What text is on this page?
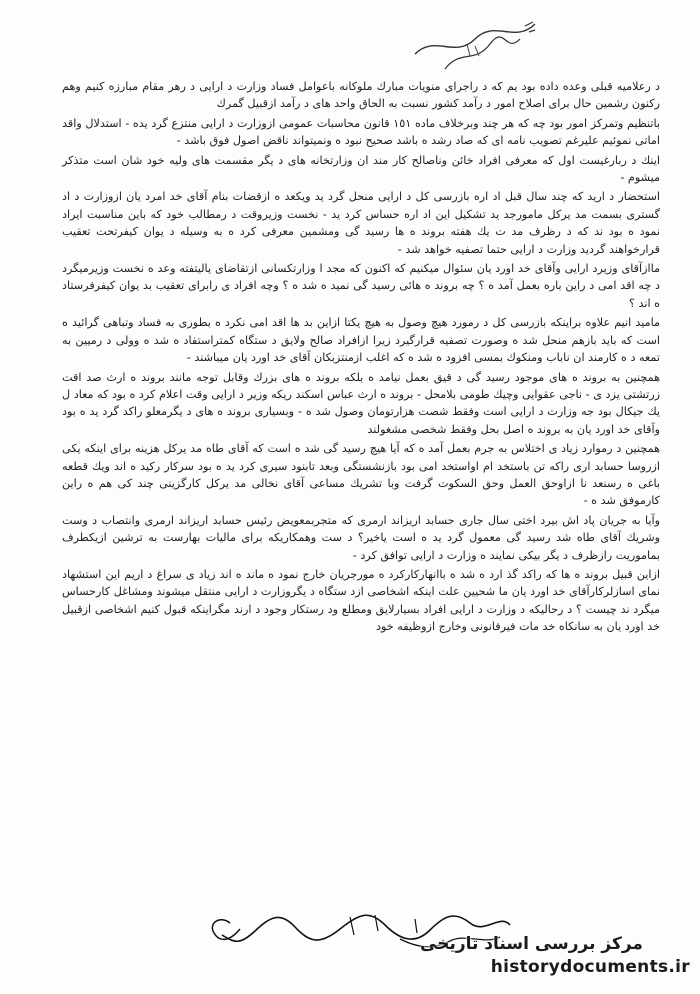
د رﻋﻼﻣﻴﻪ ﻗﺒﻠﻰ وعده داده ﺑﻮد ﻳﻢ ﻛﻪ د راﺟﺮاى ﻣﻨﻮﻳﺎت ﻣﺒﺎرك ﻣﻠﻮﻛﺎﻧﻪ ﺑﺎﻋﻮاﻣﻞ ﻓﺴﺎد وزارت د اراﻳﻰ د رﻫﺮ ﻣﻘﺎم ﻣﺒﺎرزه ﻛﻨﻴﻢ وﻫﻢ رﻛﻨﻮن رﺷﻤﻴﻦ ﺣﺎل ﺑﺮاى اﺻﻼح اﻣﻮر د رآﻣﺪ ﻛﺸﻮر ﻧﺴﺒﺖ ﺑﻪ اﻟﺤﺎق واﺣﺪ ﻫﺎى د رآﻣﺪ ازﻗﺒﻴﻞ ﮔﻤﺮك

ﺑﺎﺗﻨﻈﻴﻢ وﺗﻤﺮﻛﺰ اﻣﻮر ﺑﻮد ﭼﻪ ﻛﻪ ﻫﺮ ﭼﻨﺪ وﺑﺮﺧﻼف ﻣﺎده ١٥١ ﻗﺎﻧﻮن ﻣﺤﺎﺳﺒﺎت ﻋﻤﻮﻣﻰ ازوزارت د اراﻳﻰ ﻣﻨﺘﺰع ﮔﺮد ﻳﺪه - اﺳﺘﺪﻻل واﻗﺪ اﻣﺎﺗﻰ ﻧﻤﻮﺋﻴﻢ ﻋﻠﻴﺮﻏﻢ ﺗﺼﻮﻳﺐ ﻧﺎﻣﻪ اى ﻛﻪ ﺻﺎد رﺷﺪ ه ﺑﺎﺷﺪ ﺻﺤﻴﺢ ﻧﺒﻮد ه وﻧﻤﻴﺘﻮاﻧﺪ ﻧﺎﻗﺾ اﺻﻮل ﻓﻮق ﺑﺎﺷﺪ -

اﻳﻨﻚ د رﺑﺎرﻏﻴﺴﺖ اوﻝ ﻛﻪ ﻣﻌﺮﻓﻰ اﻓﺮاد ﺧﺎﺋﻦ وﻧﺎﺻﺎﻟﺢ ﻛﺎر ﻣﻨﺪ ان وزارﺗﺨﺎﻧﻪ ﻫﺎى د ﻳﮕﺮ ﻣﻘﺴﻤﺖ ﻫﺎى وﻟﻴﻪ ﺧﻮد ﺷﺎن اﺳﺖ ﻣﺘﺬﻛﺮ ﻣﻴﺸﻮم -

اﺳﺘﺤﻀﺎر د ارﻳﺪ ﻛﻪ ﭼﻨﺪ ﺳﺎل ﻗﺒﻞ اد اره ﺑﺎزرﺳﻰ ﻛﻞ د اراﻳﻰ ﻣﻨﺤﻞ ﮔﺮد ﻳﺪ وﻳﻜﻌﺪ ه ازﻗﻀﺎت ﺑﻨﺎم آﻗﺎى ﺧﺪ اﻣﺮد ﻳﺎن ازوزارت د اد ﮔﺴﺘﺮى ﺑﺴﻤﺖ ﻣﺪ ﻳﺮﻛﻞ ﻣﺎﻣﻮرﺟﺪ ﻳﺪ ﺗﺸﻜﻴﻞ اﻳﻦ اد اره ﺣﺴﺎس ﻛﺮد ﻳﺪ - ﻧﺨﺴﺖ وزﻳﺮوﻗﺖ د رﻣﻄﺎﻟﺐ ﺧﻮد ﻛﻪ ﺑﺎﻳﻦ ﻣﻨﺎﺳﺒﺖ اﻳﺮاد ﻧﻤﻮد ه ﺑﻮد ﻧﺪ ﻛﻪ د رﻇﺮف ﻣﺪ ت ﻳﻚ ﻫﻔﺘﻪ ﺑﺮوﻧﺪ ه ﻫﺎ رﺳﻴﺪ ﮔﻰ وﻣﺸﻤﻴﻦ ﻣﻌﺮﻓﻰ ﻛﺮد ه ﺑﻪ وﺳﻴﻠﻪ د ﻳﻮان ﻛﻴﻔﺮﺗﺤﺖ ﺗﻌﻘﻴﺐ ﻗﺮارﺧﻮاﻫﻨﺪ ﮔﺮدﻳﺪ وزارت د اراﻳﻰ ﺣﺘﻤﺎ ﺗﺼﻔﻴﻪ ﺧﻮاﻫﺪ ﺷﺪ -

ﻣﺎازآﻗﺎى وزﻳﺮد اراﻳﻰ وآﻗﺎى ﺧﺪ اورد ﻳﺎن ﺳﺌﻮال ﻣﻴﻜﻨﻴﻢ ﻛﻪ اﻛﻨﻮن ﻛﻪ ﻣﺠﺪ ا وزارﺗﻜﺴﺎﻧﻰ ازﺗﻘﺎﺿﺎى ﻳﺎﻟﻴﺘﻔﺘﻪ وﻋﺪ ه ﻧﺨﺴﺖ وزﻳﺮﻣﻴﮕﺮد د ﭼﻪ اﻗﺪ اﻣﻰ د راﻳﻦ ﺑﺎره ﺑﻌﻤﻞ آﻣﺪ ه ؟ ﭼﻪ ﺑﺮوﻧﺪ ه ﻫﺎﺋﻰ رﺳﻴﺪ ﮔﻰ ﻧﻤﻴﺪ ه ﺷﺪ ه ؟ وﭼﻪ اﻓﺮاد ى راﺑﺮاى ﺗﻌﻘﻴﺐ ﺑﺪ ﻳﻮان ﻛﻴﻔﺮﻓﺮﺳﺘﺎد ه اﻧﺪ ؟

ﻣﺎﻣﻴﺪ اﻧﻴﻢ ﻋﻼوه ﺑﺮاﻳﻨﻜﻪ ﺑﺎزرﺳﻰ ﻛﻞ د رﻣﻮرد ﻫﻴﭻ وﺻﻮل ﺑﻪ ﻫﻴﭻ ﻳﻜﺘﺎ ازاﻳﻦ ﺑﺪ ﻫﺎ اﻗﺪ اﻣﻰ ﻧﻜﺮد ه ﺑﻄﻮرى ﺑﻪ ﻓﺴﺎد وﺗﺒﺎﻫﻰ ﮔﺮاﺋﻴﺪ ه اﺳﺖ ﻛﻪ ﺑﺎﻳﺪ ﺑﺎزﻫﻢ ﻣﻨﺤﻞ ﺷﺪ ه وﺻﻮرت ﺗﺼﻔﻴﻪ ﻗﺮارﮔﻴﺮد زﻳﺮا ازاﻓﺮاد ﺻﺎﻟﺢ وﻻﻳﻖ د ﺳﺘﮕﺎه ﻛﻤﺘﺮاﺳﺘﻔﺎد ه ﺷﺪ ه ووﻟﻰ د رﻣﻴﻴﻦ ﺑﻪ ﺗﻤﻌﻪ د ه ﻛﺎرﻣﻨﺪ ان ﻧﺎﺑﺎب وﻣﻨﻜﻮك ﺑﻤﺴﻰ اﻓﺰود ه ﺷﺪ ه ﻛﻪ اﻏﻠﺐ ازﻣﻨﺘﺰﺑﻜﺎن آﻗﺎى ﺧﺪ اورد ﻳﺎن ﻣﻴﺒﺎﺷﻨﺪ -

ﻫﻤﭽﻨﻴﻦ ﺑﻪ ﺑﺮوﻧﺪ ه ﻫﺎى ﻣﻮﺟﻮد رﺳﻴﺪ ﮔﻰ د ﻗﻴﻖ ﺑﻌﻤﻞ ﻧﻴﺎﻣﺪ ه ﺑﻠﻜﻪ ﺑﺮوﻧﺪ ه ﻫﺎى ﺑﺰرك وﻗﺎﺑﻞ ﺗﻮﺟﻪ ﻣﺎﻧﻨﺪ ﺑﺮوﻧﺪ ه ارث ﺻﺪ اﻗﺖ زرﺗﺸﺘﻰ ﻳﺰد ى - ﻧﺎﺟﻰ ﻋﻘﻮاﻳﻰ وﭼﻴﻚ ﻃﻮﻣﻰ ﺑﻼﻣﺤﻞ - ﺑﺮوﻧﺪ ه ارث ﻋﺒﺎس اﺳﻜﻨﺪ رﻳﻜﻪ وزﻳﺮ د اراﻳﻰ وﻗﺖ اﻋﻼم ﻛﺮد ه ﺑﻮد ﻛﻪ ﻣﻌﺎد ل ﻳﻚ ﺟﻴﻜﺎل ﺑﻮد ﺟﻪ وزارت د اراﻳﻰ اﺳﺖ وﻓﻘﻂ ﺷﺼﺖ ﻫﺰارﺗﻮﻣﺎن وﺻﻮل ﺷﺪ ه - وﺑﺴﻴﺎرى ﺑﺮوﻧﺪ ه ﻫﺎى د ﻳﮕﺮﻣﻌﻠﻮ راﻛﺪ ﮔﺮد ﻳﺪ ه ﺑﻮد وآﻗﺎى ﺧﺪ اورد ﻳﺎن ﺑﻪ ﺑﺮوﻧﺪ ه اﺻﻞ ﺑﺤﻞ وﻓﻘﻂ ﺷﺨﺼﻰ ﻣﺸﻐﻮﻟﻨﺪ

ﻫﻤﭽﻨﻴﻦ د رﻣﻮارد زﻳﺎد ى اﺧﺘﻠﺎس ﺑﻪ ﺟﺮم ﺑﻌﻤﻞ آﻣﺪ ه ﻛﻪ آﻳﺎ ﻫﻴﭻ رﺳﻴﺪ ﮔﻰ ﺷﺪ ه اﺳﺖ ﻛﻪ آﻗﺎى ﻃﺎه ﻣﺪ ﻳﺮﻛﻞ ﻫﺰﻳﻨﻪ ﺑﺮاى اﻳﻨﻜﻪ ﻳﻜﻰ ازروﺳﺎ ﺣﺴﺎﺑﺪ ارى راﻛﻪ ﺗﻦ ﺑﺎﺳﺘﺨﺪ ام اواﺳﺘﺨﺪ اﻣﻰ ﺑﻮد ﺑﺎزﻧﺸﺴﺘﮕﻰ وﺑﻌﺪ ﺗﺎﺑﻨﻮد ﺳﻴﺮى ﻛﺮد ﻳﺪ ه ﺑﻮد ﺳﺮﻛﺎر رﻛﻴﺪ ه اﻧﺪ وﻳﻚ ﻗﻄﻌﻪ ﺑﺎﻏﻰ ه رﺳﻨﻌﺪ ﻧﺎ ازاوﺣﻖ اﻟﻌﻤﻞ وﺣﻖ اﻟﺴﻜﻮت ﮔﺮﻓﺖ وﺑﺎ ﺗﺸﺮﻳﻚ ﻣﺴﺎﻋﻰ آﻗﺎى ﻧﺨﺎﻟﻰ ﻣﺪ ﻳﺮﻛﻞ ﻛﺎرﮔﺰﻳﻨﻰ ﭼﻨﺪ ﻛﻰ ﻫﻢ ه راﻳﻦ ﻛﺎرﻣﻮﻓﻖ ﺷﺪ ه -

وآﻳﺎ ﺑﻪ ﺟﺮﻳﺎن ﭘﺎد اش ﺑﻴﺮد اﺧﺘﻰ ﺳﺎل ﺟﺎرى ﺣﺴﺎﺑﺪ ارﻳﺰاﻧﺪ ارﻣﺮى ﻛﻪ ﻣﺘﺠﺮﺑﻤﻌﻮﻳﺾ رﺋﻴﺲ ﺣﺴﺎﺑﺪ ارﻳﺰاﻧﺪ ارﻣﺮى واﻧﺘﺼﺎب د وﺳﺖ وﺷﺮﻳﻚ آﻗﺎى ﻃﺎه ﺷﺪ رﺳﻴﺪ ﮔﻰ ﻣﻌﻤﻮل ﮔﺮد ﻳﺪ ه اﺳﺖ ﻳﺎﺧﻴﺮ؟ د ﺳﺖ وﻫﻤﻜﺎرﻳﻜﻪ ﺑﺮاى ﻣﺎﻟﻴﺎت ﺑﻬﺎرﺳﺖ ﺑﻪ ﺗﺮﺷﻴﻦ ازﻳﻜﻄﺮف ﺑﻤﺎﻣﻮرﻳﺖ رازﻇﺮف د ﻳﮕﺮ ﺑﻴﻜﻰ ﻧﻤﺎﻳﻨﺪ ه وزارت د اراﻳﻰ ﺗﻮاﻓﻖ ﻛﺮد -

ازاﻳﻦ ﻗﺒﻴﻞ ﺑﺮوﻧﺪ ه ﻫﺎ ﻛﻪ راﻛﺪ ﮔﺬ ارد ه ﺷﺪ ه ﺑﺎاﻧﻬﺎرﻛﺎرﻛﺮد ه ﻣﻮرﺟﺮﻳﺎن ﺧﺎرج ﻧﻤﻮد ه ﻣﺎﻧﺪ ه اﻧﺪ زﻳﺎد ى ﺳﺮاغ د ارﻳﻢ اﻳﻦ اﺳﺘﺸﻬﺎد ﻧﻤﺎى اﺳﺎزﻟﺮﻛﺎرآﻗﺎى ﺧﺪ اورد ﻳﺎن ﻣﺎ ﺷﺤﻴﻴﻦ ﻋﻠﺖ اﻳﻨﻜﻪ اﺷﺨﺎﺻﻰ ازد ﺳﺘﮕﺎه د ﻳﮕﺮوزارت د اراﻳﻰ ﻣﻨﺘﻘﻞ ﻣﻴﺸﻮﻧﺪ وﻣﺸﺎﻏﻞ ﻛﺎرﺣﺴﺎس ﻣﻴﮕﺮد ﻧﺪ ﭼﻴﺴﺖ ؟ د رﺣﺎﻟﻴﻜﻪ د وزارت د اراﻳﻰ اﻓﺮاد ﺑﺴﻴﺎرﻻﻳﻖ وﻣﻄﻠﻊ ود رﺳﺘﻜﺎر وﺟﻮد د ارﻧﺪ ﻣﮕﺮاﻳﻨﻜﻪ ﻗﺒﻮل ﻛﻨﻴﻢ اﺷﺨﺎﺻﻰ ازﻗﺒﻴﻞ ﺧﺪ اورد ﻳﺎن ﺑﻪ ﺳﺎﻧﻜﺎه ﺧﺪ ﻣﺎت ﻓﻴﺮﻓﺎﻧﻮﻧﻰ وﺧﺎرج ازوﻇﻴﻔﻪ ﺧﻮد

مرکز بررسی اسناد تاریخی
historydocuments.ir
